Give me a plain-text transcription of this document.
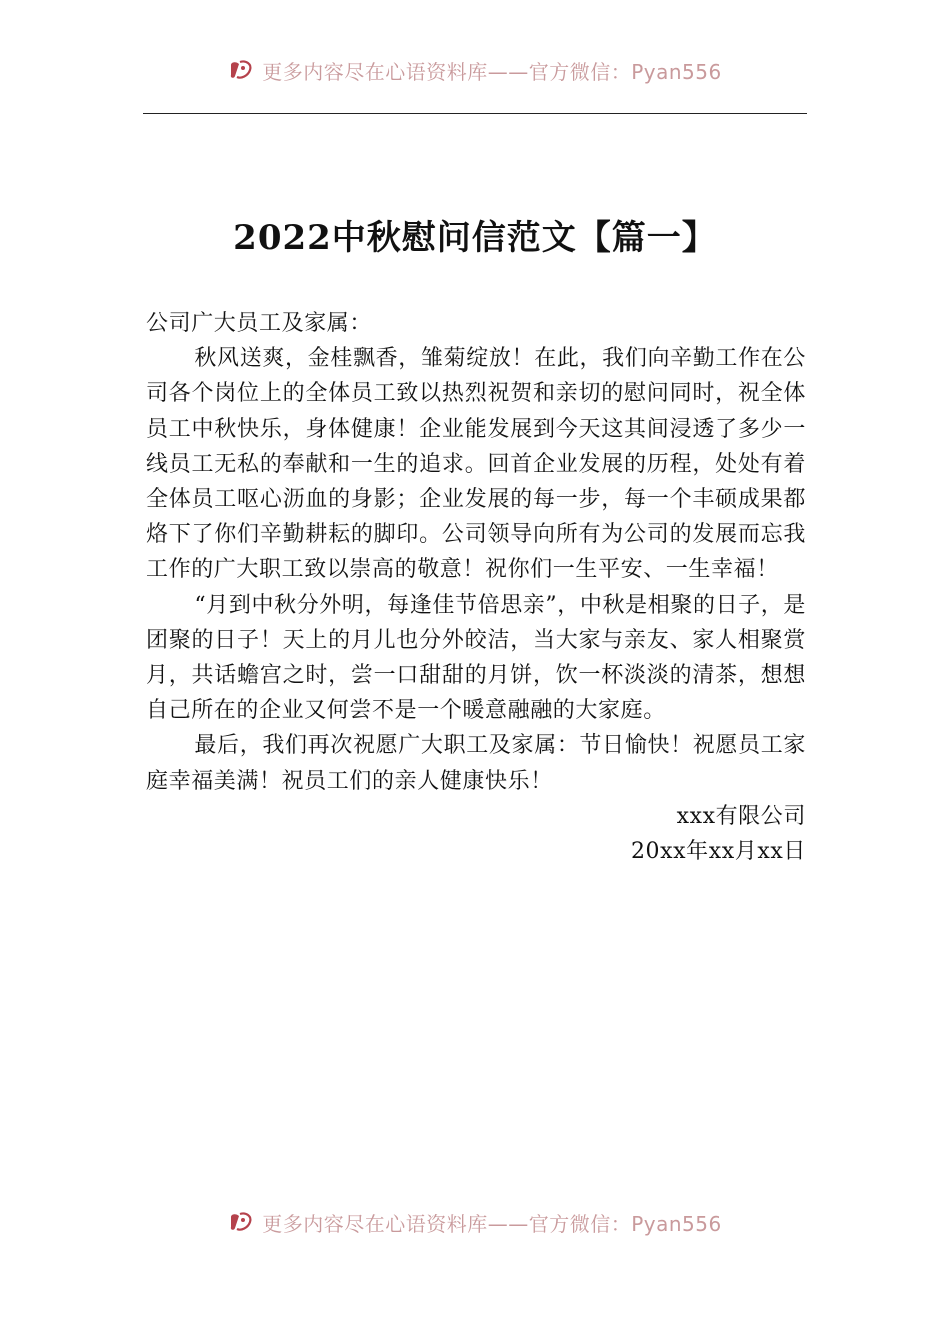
更多内容尽在心语资料库——官方微信：Pyan556
2022中秋慰问信范文【篇一】

公司广大员工及家属：

秋风送爽，金桂飘香，雏菊绽放！在此，我们向辛勤工作在公司各个岗位上的全体员工致以热烈祝贺和亲切的慰问同时，祝全体员工中秋快乐，身体健康！企业能发展到今天这其间浸透了多少一线员工无私的奉献和一生的追求。回首企业发展的历程，处处有着全体员工呕心沥血的身影；企业发展的每一步，每一个丰硕成果都烙下了你们辛勤耕耘的脚印。公司领导向所有为公司的发展而忘我工作的广大职工致以崇高的敬意！祝你们一生平安、一生幸福！

“月到中秋分外明，每逢佳节倍思亲”，中秋是相聚的日子，是团聚的日子！天上的月儿也分外皎洁，当大家与亲友、家人相聚赏月，共话蟾宫之时，尝一口甜甜的月饼，饮一杯淡淡的清茶，想想自己所在的企业又何尝不是一个暖意融融的大家庭。

最后，我们再次祝愿广大职工及家属：节日愉快！祝愿员工家庭幸福美满！祝员工们的亲人健康快乐！

xxx有限公司

20xx年xx月xx日

更多内容尽在心语资料库——官方微信：Pyan556
